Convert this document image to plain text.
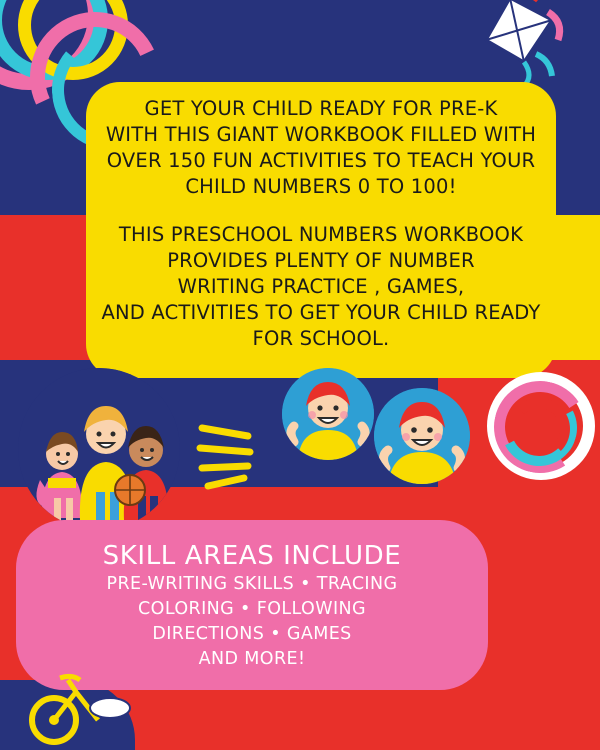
GET YOUR CHILD READY FOR PRE-K
WITH THIS GIANT WORKBOOK FILLED WITH
OVER 150 FUN ACTIVITIES TO TEACH YOUR
CHILD NUMBERS 0 TO 100!
THIS PRESCHOOL NUMBERS WORKBOOK
PROVIDES PLENTY OF NUMBER
WRITING PRACTICE , GAMES,
AND ACTIVITIES TO GET YOUR CHILD READY
FOR SCHOOL.
SKILL AREAS INCLUDE
PRE-WRITING SKILLS • TRACING
COLORING • FOLLOWING
DIRECTIONS • GAMES
AND MORE!
